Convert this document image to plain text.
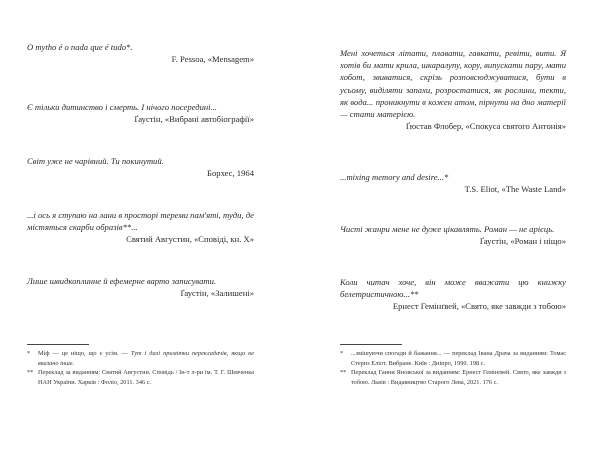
O mytho é o nada que é tudo*.
F. Pessoa, «Mensagem»
Є тільки дитинство і смерть. І нічого посередині...
Ґаустін, «Вибрані автобіографії»
Світ уже не чарівний. Ти покинутий.
Борхес, 1964
...і ось я ступаю на лани в просторі тереми пам'яті, туди, де містяться скарби образів**...
Святий Августин, «Сповіді, кн. X»
Лише швидкоплинне й ефемерне варто записувати.
Ґаустін, «Залишені»
* Міф — це ніщо, що є усім. — Тут і далі примітки перекладачів, якщо не вказано інше.
** Переклад за виданням: Святий Августин. Сповідь / Ін-т л-ри ім. Т. Г. Шевченка НАН України. Харків : Фоліо, 2011. 346 с.
Мені хочеться літати, плавати, гавкати, ревіти, вити. Я хотів би мати крила, шкаралупу, кору, випускати пару, мати хобот, звиватися, скрізь розповсюджуватися, бути в усьому, виділяти запахи, розростатися, як рослини, текти, як вода... проникнути в кожен атом, пірнути на дно матерії — стати матерією.
Ґюстав Флобер, «Спокуса святого Антонія»
...mixing memory and desire...*
T.S. Eliot, «The Waste Land»
Чисті жанри мене не дуже цікавлять. Роман — не арієць.
Ґаустін, «Роман і ніщо»
Коли читач хоче, він може вважати цю книжку белетристичною...**
Ернест Гемінґвей, «Свято, яке завжди з тобою»
* ...змішуючи спогади й бажання... — переклад Івана Драча за виданням: Томас Стернз Еліот. Вибране. Київ : Дніпро, 1990. 198 с.
** Переклад Ганни Яновської за виданням: Ернест Гемінґвей. Свято, яке завжди з тобою. Львів : Видавництво Старого Лева, 2021. 176 с.
